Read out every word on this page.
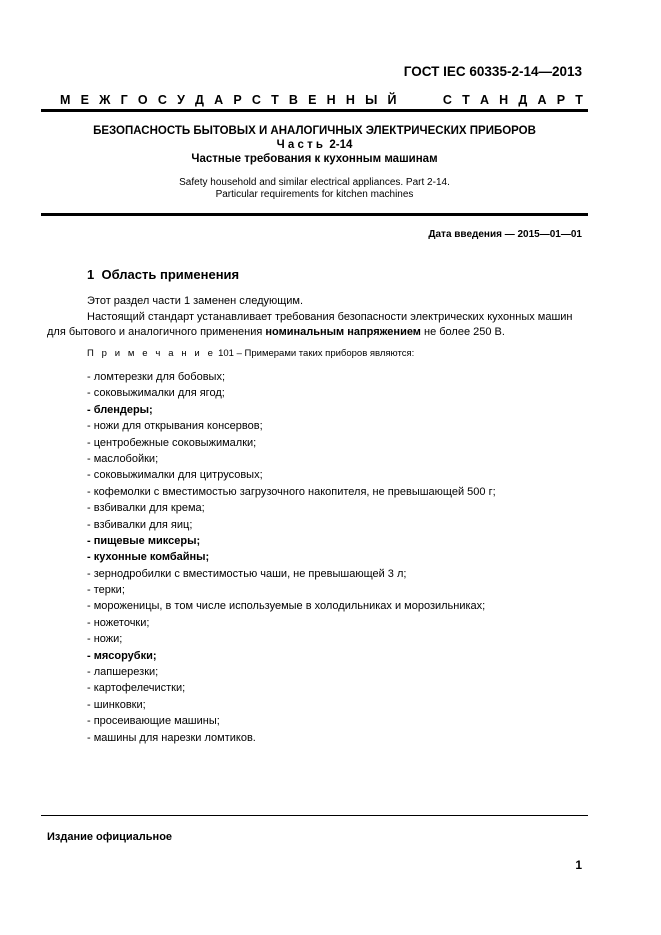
ГОСТ IEC 60335-2-14—2013
М Е Ж Г О С У Д А Р С Т В Е Н Н Ы Й	С Т А Н Д А Р Т
БЕЗОПАСНОСТЬ БЫТОВЫХ И АНАЛОГИЧНЫХ ЭЛЕКТРИЧЕСКИХ ПРИБОРОВ
Ч а с т ь  2-14
Частные требования к кухонным машинам
Safety household and similar electrical appliances. Part 2-14.
Particular requirements for kitchen machines
Дата введения — 2015—01—01
1 Область применения
Этот раздел части 1 заменен следующим.
Настоящий стандарт устанавливает требования безопасности электрических кухонных машин для бытового и аналогичного применения номинальным напряжением не более 250 В.
П р и м е ч а н и е 101 – Примерами таких приборов являются:
- ломтерезки для бобовых;
- соковыжималки для ягод;
- блендеры;
- ножи для открывания консервов;
- центробежные соковыжималки;
- маслобойки;
- соковыжималки для цитрусовых;
- кофемолки с вместимостью загрузочного накопителя, не превышающей 500 г;
- взбивалки для крема;
- взбивалки для яиц;
- пищевые миксеры;
- кухонные комбайны;
- зернодробилки с вместимостью чаши, не превышающей 3 л;
- терки;
- мороженицы, в том числе используемые в холодильниках и морозильниках;
- ножеточки;
- ножи;
- мясорубки;
- лапшерезки;
- картофелечистки;
- шинковки;
- просеивающие машины;
- машины для нарезки ломтиков.
Издание официальное
1
